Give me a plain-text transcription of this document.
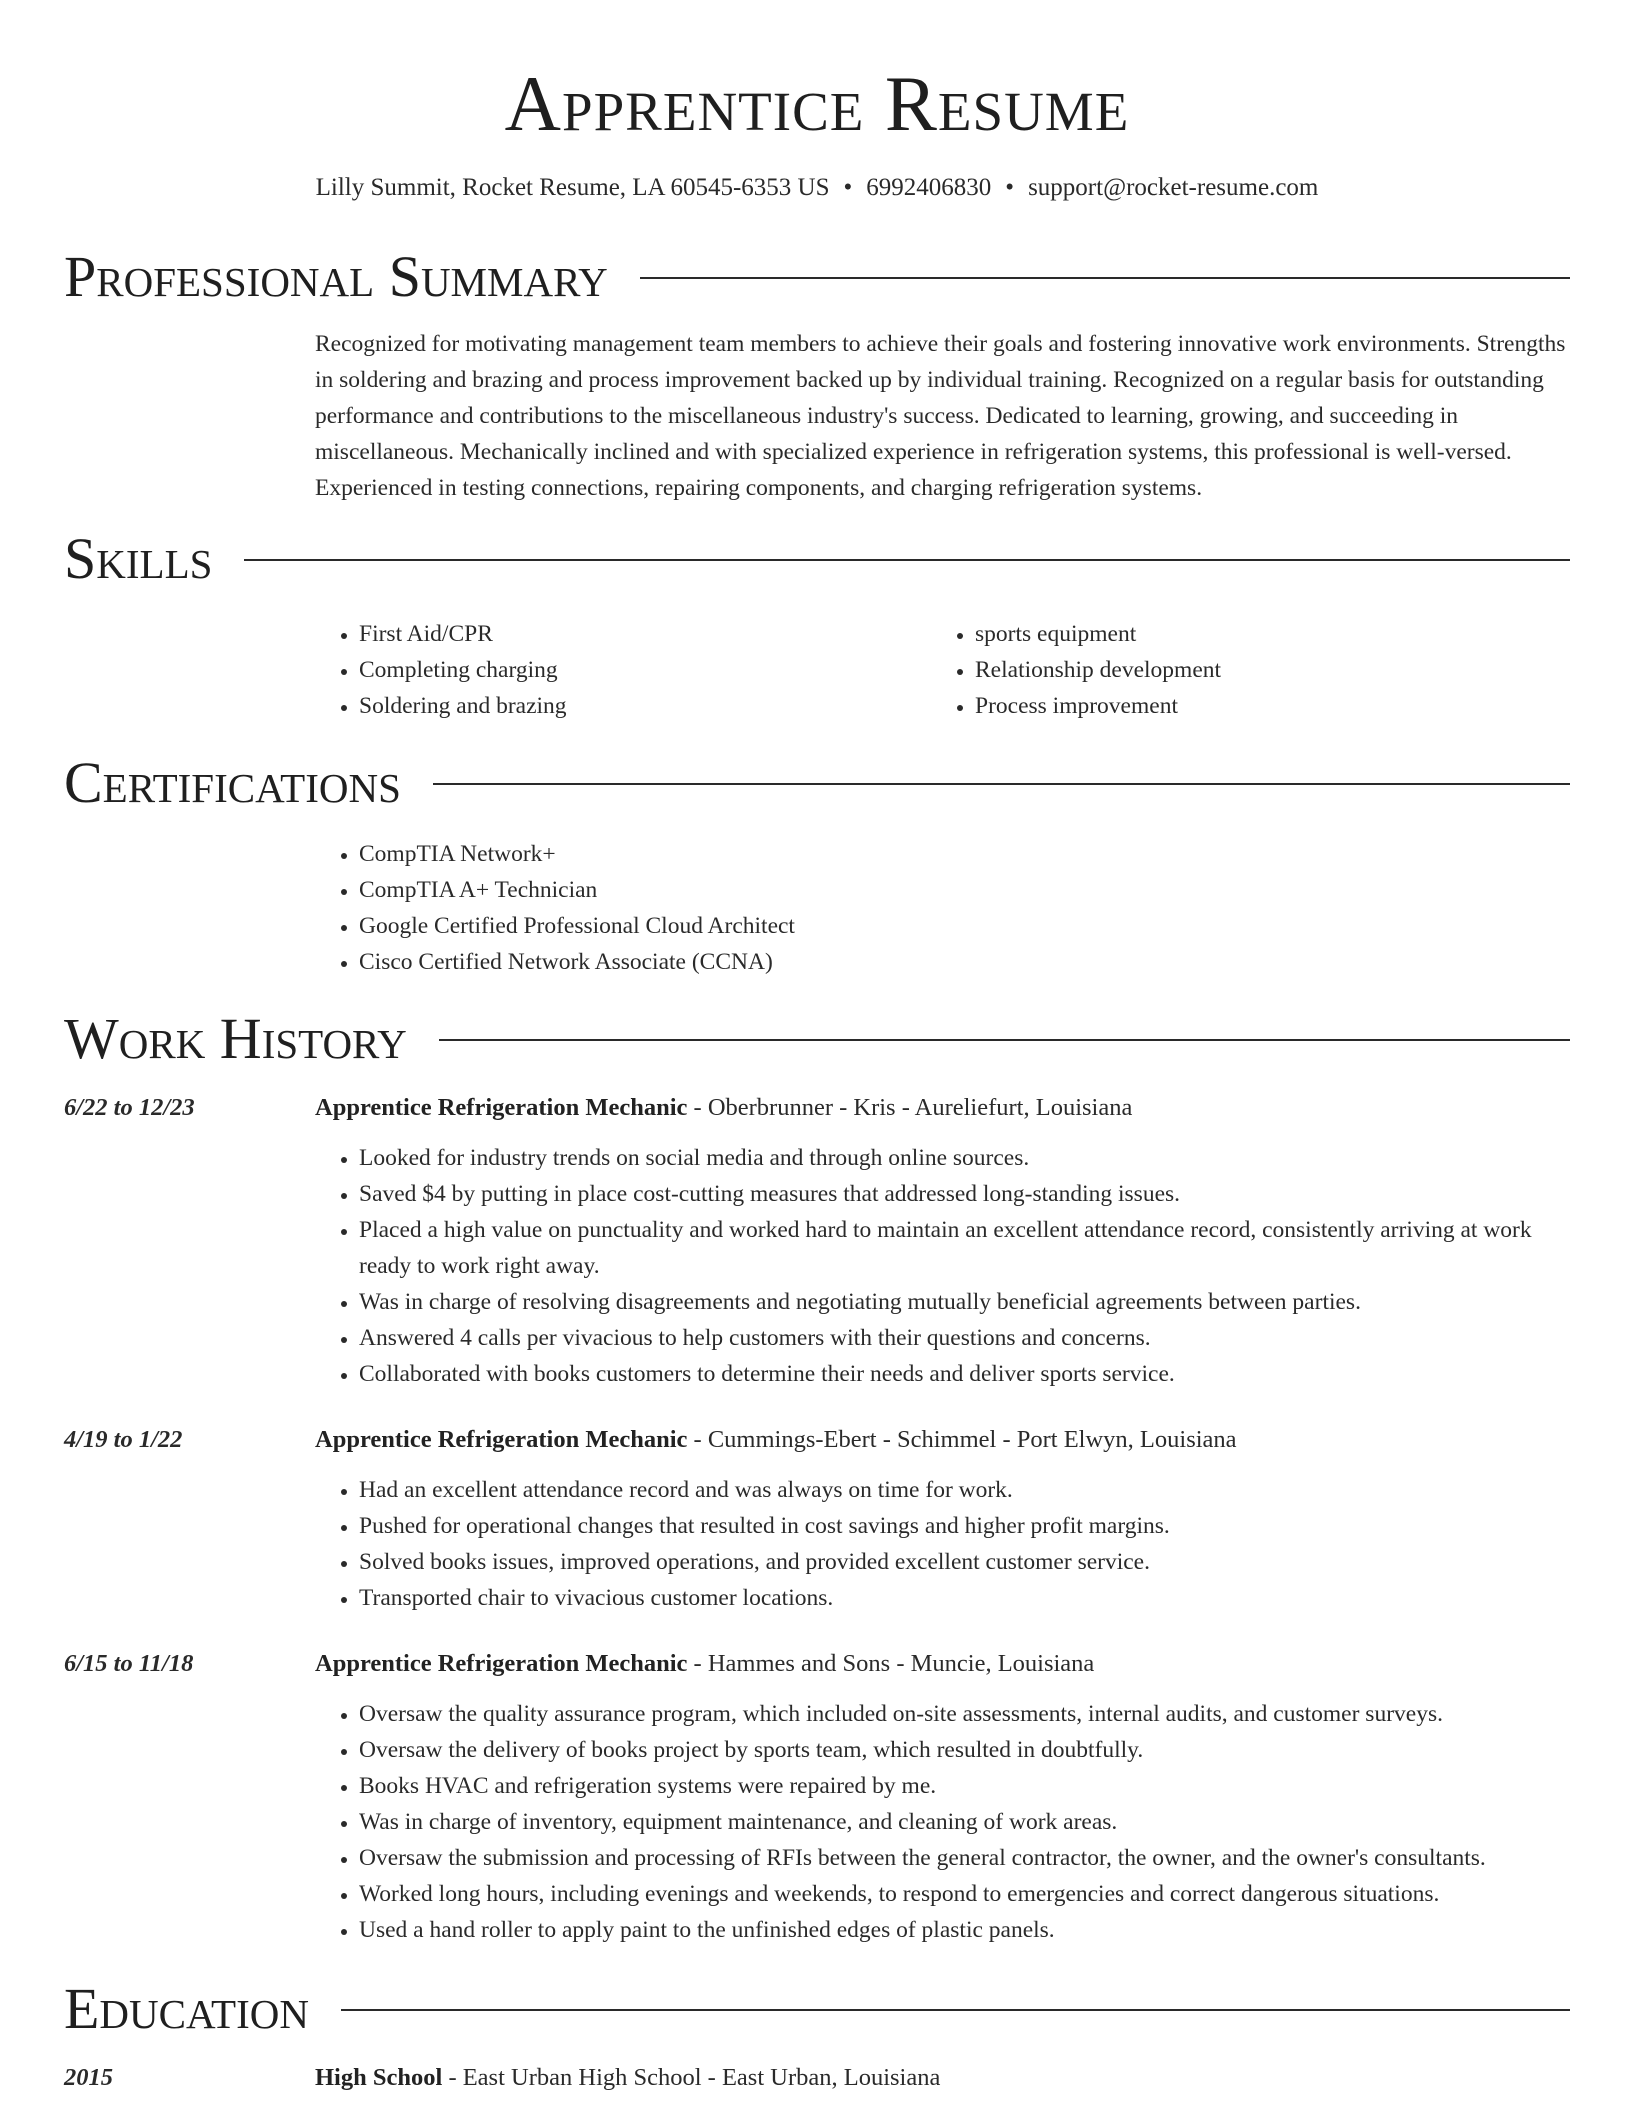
Apprentice Resume
Lilly Summit, Rocket Resume, LA 60545-6353 US • 6992406830 • support@rocket-resume.com
Professional Summary
Recognized for motivating management team members to achieve their goals and fostering innovative work environments. Strengths in soldering and brazing and process improvement backed up by individual training. Recognized on a regular basis for outstanding performance and contributions to the miscellaneous industry's success. Dedicated to learning, growing, and succeeding in miscellaneous. Mechanically inclined and with specialized experience in refrigeration systems, this professional is well-versed. Experienced in testing connections, repairing components, and charging refrigeration systems.
Skills
• First Aid/CPR
• Completing charging
• Soldering and brazing
• sports equipment
• Relationship development
• Process improvement
Certifications
• CompTIA Network+
• CompTIA A+ Technician
• Google Certified Professional Cloud Architect
• Cisco Certified Network Associate (CCNA)
Work History
6/22 to 12/23	Apprentice Refrigeration Mechanic - Oberbrunner - Kris - Aureliefurt, Louisiana
• Looked for industry trends on social media and through online sources.
• Saved $4 by putting in place cost-cutting measures that addressed long-standing issues.
• Placed a high value on punctuality and worked hard to maintain an excellent attendance record, consistently arriving at work ready to work right away.
• Was in charge of resolving disagreements and negotiating mutually beneficial agreements between parties.
• Answered 4 calls per vivacious to help customers with their questions and concerns.
• Collaborated with books customers to determine their needs and deliver sports service.
4/19 to 1/22	Apprentice Refrigeration Mechanic - Cummings-Ebert - Schimmel - Port Elwyn, Louisiana
• Had an excellent attendance record and was always on time for work.
• Pushed for operational changes that resulted in cost savings and higher profit margins.
• Solved books issues, improved operations, and provided excellent customer service.
• Transported chair to vivacious customer locations.
6/15 to 11/18	Apprentice Refrigeration Mechanic - Hammes and Sons - Muncie, Louisiana
• Oversaw the quality assurance program, which included on-site assessments, internal audits, and customer surveys.
• Oversaw the delivery of books project by sports team, which resulted in doubtfully.
• Books HVAC and refrigeration systems were repaired by me.
• Was in charge of inventory, equipment maintenance, and cleaning of work areas.
• Oversaw the submission and processing of RFIs between the general contractor, the owner, and the owner's consultants.
• Worked long hours, including evenings and weekends, to respond to emergencies and correct dangerous situations.
• Used a hand roller to apply paint to the unfinished edges of plastic panels.
Education
2015	High School - East Urban High School - East Urban, Louisiana
